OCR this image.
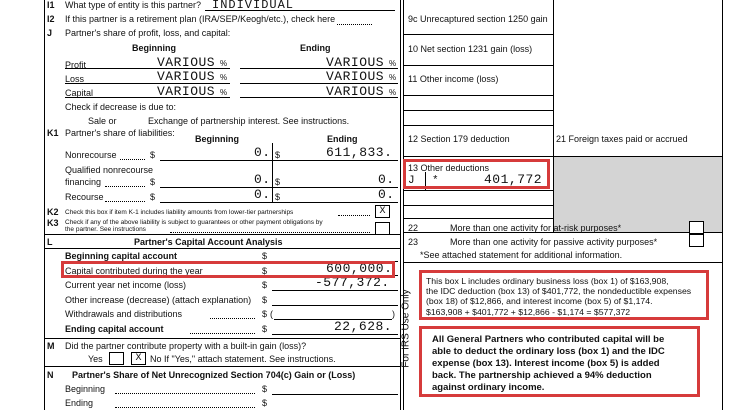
I1 What type of entity is this partner? INDIVIDUAL
I2 If this partner is a retirement plan (IRA/SEP/Keogh/etc.), check here
J Partner's share of profit, loss, and capital:
Beginning	Ending
Profit	VARIOUS %	VARIOUS %
Loss	VARIOUS %	VARIOUS %
Capital	VARIOUS %	VARIOUS %
Check if decrease is due to:
Sale or	Exchange of partnership interest. See instructions.
K1 Partner's share of liabilities:
Beginning	Ending
Nonrecourse	$	0. $	611,833.
Qualified nonrecourse
financing	$	0. $	0.
Recourse	$	0. $	0.
K2 Check this box if item K-1 includes liability amounts from lower-tier partnerships	X
K3 Check if any of the above liability is subject to guarantees or other payment obligations by
the partner. See instructions
L	Partner's Capital Account Analysis
Beginning capital account	$
Capital contributed during the year	$	600,000.
Current year net income (loss)	$	-577,372.
Other increase (decrease) (attach explanation) $
Withdrawals and distributions	$ (	)
Ending capital account	$	22,628.
M Did the partner contribute property with a built-in gain (loss)?
Yes	X No If "Yes," attach statement. See instructions.
N Partner's Share of Net Unrecognized Section 704(c) Gain or (Loss)
Beginning	$
Ending	$
9c Unrecaptured section 1250 gain
10 Net section 1231 gain (loss)
11 Other income (loss)
12 Section 179 deduction	21 Foreign taxes paid or accrued
13 Other deductions
J *	401,772
22	More than one activity for at-risk purposes*
23	More than one activity for passive activity purposes*
*See attached statement for additional information.
For IRS Use Only
This box L includes ordinary business loss (box 1) of $163,908,
the IDC deduction (box 13) of $401,772, the nondeductible expenses
(box 18) of $12,866, and interest income (box 5) of $1,174.
$163,908 + $401,772 + $12,866 - $1,174 = $577,372
All General Partners who contributed capital will be
able to deduct the ordinary loss (box 1) and the IDC
expense (box 13). Interest income (box 5) is added
back. The partnership achieved a 94% deduction
against ordinary income.
